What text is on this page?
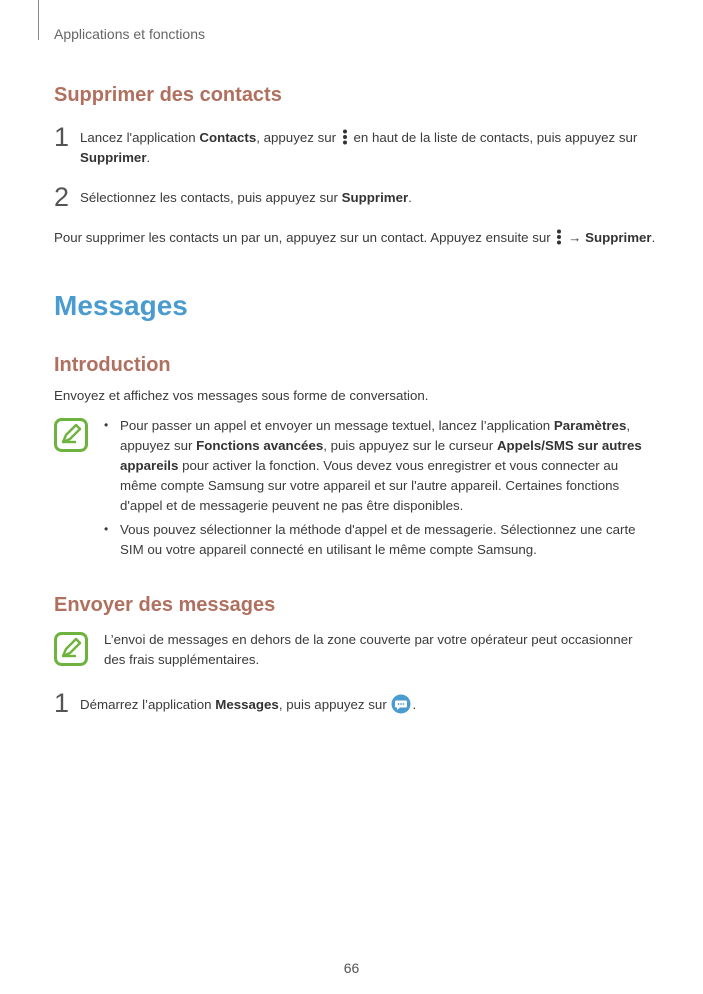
Applications et fonctions
Supprimer des contacts
1 Lancez l'application Contacts, appuyez sur  en haut de la liste de contacts, puis appuyez sur
Supprimer.
2 Sélectionnez les contacts, puis appuyez sur Supprimer.
Pour supprimer les contacts un par un, appuyez sur un contact. Appuyez ensuite sur  → Supprimer.
Messages
Introduction
Envoyez et affichez vos messages sous forme de conversation.
• Pour passer un appel et envoyer un message textuel, lancez l’application Paramètres,
appuyez sur Fonctions avancées, puis appuyez sur le curseur Appels/SMS sur autres
appareils pour activer la fonction. Vous devez vous enregistrer et vous connecter au
même compte Samsung sur votre appareil et sur l'autre appareil. Certaines fonctions
d'appel et de messagerie peuvent ne pas être disponibles.
• Vous pouvez sélectionner la méthode d'appel et de messagerie. Sélectionnez une carte
SIM ou votre appareil connecté en utilisant le même compte Samsung.
Envoyer des messages
L’envoi de messages en dehors de la zone couverte par votre opérateur peut occasionner
des frais supplémentaires.
1 Démarrez l’application Messages, puis appuyez sur .
66
